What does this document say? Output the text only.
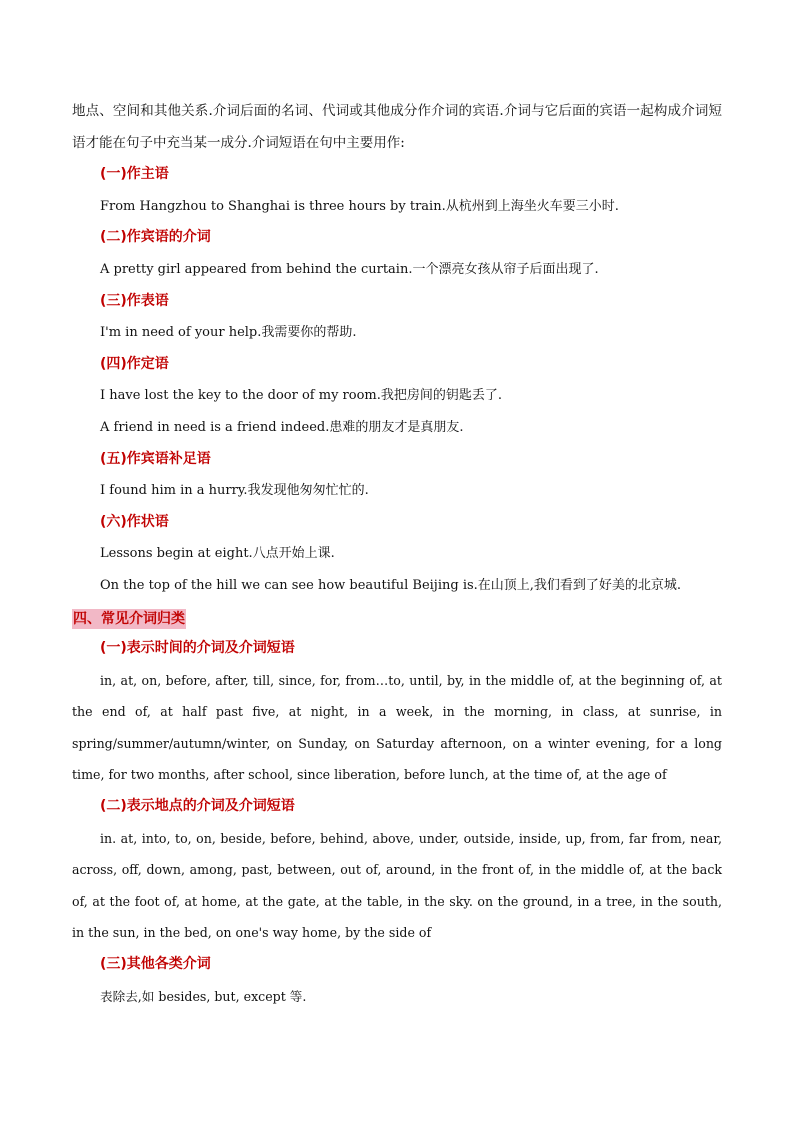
地点、空间和其他关系.介词后面的名词、代词或其他成分作介词的宾语.介词与它后面的宾语一起构成介词短语才能在句子中充当某一成分.介词短语在句中主要用作:

(一)作主语

From Hangzhou to Shanghai is three hours by train.从杭州到上海坐火车要三小时.

(二)作宾语的介词

A pretty girl appeared from behind the curtain.一个漂亮女孩从帘子后面出现了.

(三)作表语

I'm in need of your help.我需要你的帮助.

(四)作定语

I have lost the key to the door of my room.我把房间的钥匙丢了.

A friend in need is a friend indeed.患难的朋友才是真朋友.

(五)作宾语补足语

I found him in a hurry.我发现他匆匆忙忙的.

(六)作状语

Lessons begin at eight.八点开始上课.

On the top of the hill we can see how beautiful Beijing is.在山顶上,我们看到了好美的北京城.

四、常见介词归类

(一)表示时间的介词及介词短语

in, at, on, before, after, till, since, for, from…to, until, by, in the middle of, at the beginning of, at the end of, at half past five, at night, in a week, in the morning, in class, at sunrise, in spring/summer/autumn/winter, on Sunday, on Saturday afternoon, on a winter evening, for a long time, for two months, after school, since liberation, before lunch, at the time of, at the age of

(二)表示地点的介词及介词短语

in. at, into, to, on, beside, before, behind, above, under, outside, inside, up, from, far from, near, across, off, down, among, past, between, out of, around, in the front of, in the middle of, at the back of, at the foot of, at home, at the gate, at the table, in the sky. on the ground, in a tree, in the south, in the sun, in the bed, on one's way home, by the side of

(三)其他各类介词

表除去,如 besides, but, except 等.
